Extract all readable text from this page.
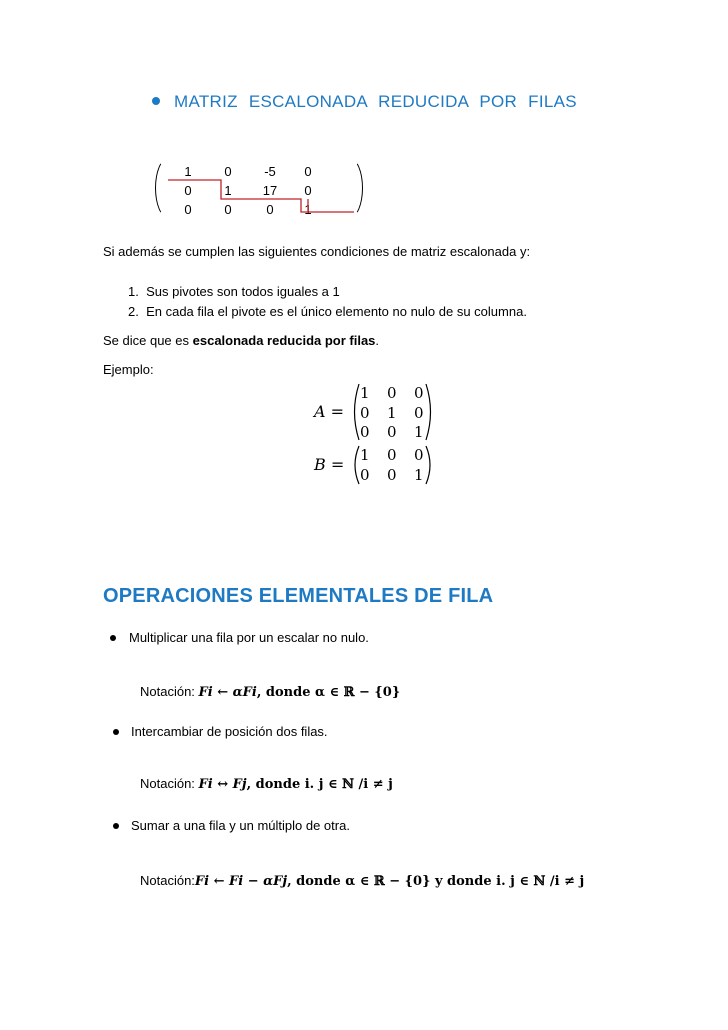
MATRIZ ESCALONADA REDUCIDA POR FILAS
1	0	-5	0
0	1	17	0
0	0	0	1
Si además se cumplen las siguientes condiciones de matriz escalonada y:
1. Sus pivotes son todos iguales a 1
2. En cada fila el pivote es el único elemento no nulo de su columna.
Se dice que es escalonada reducida por filas.
Ejemplo:
A =
1	0	0
0	1	0
0	0	1
B = 1	0	0
0	0	1
OPERACIONES ELEMENTALES DE FILA
Multiplicar una fila por un escalar no nulo.
Notación: Fi ← αFi, donde α ∈ ℝ − {0}
Intercambiar de posición dos filas.
Notación: Fi ↔ Fj, donde i. j ∈ ℕ /i ≠ j
Sumar a una fila y un múltiplo de otra.
Notación:Fi ← Fi − αFj, donde α ∈ ℝ − {0} y donde i. j ∈ ℕ /i ≠ j
